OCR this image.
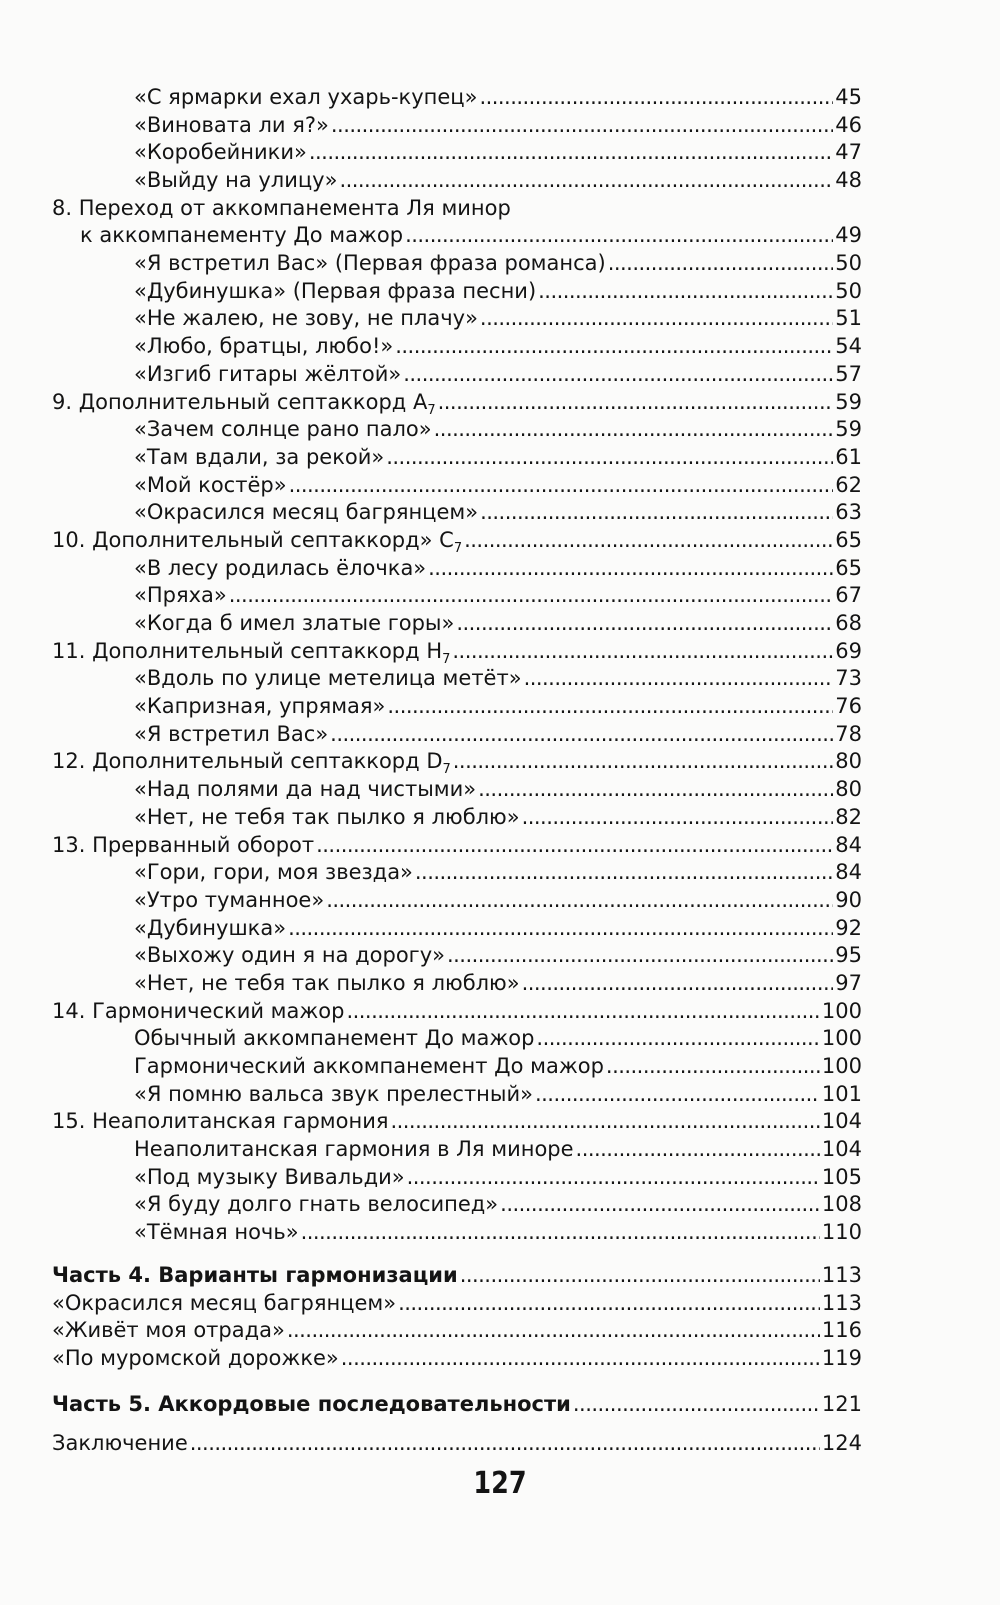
«С ярмарки ехал ухарь-купец» . . .	45
«Виновата ли я?» . . .	46
«Коробейники» . . .	47
«Выйду на улицу» . . .	48
8. Переход от аккомпанемента Ля минор
к аккомпанементу До мажор . . .	49
«Я встретил Вас» (Первая фраза романса) . . .	50
«Дубинушка» (Первая фраза песни) . . .	50
«Не жалею, не зову, не плачу» . . .	51
«Любо, братцы, любо!» . . .	54
«Изгиб гитары жёлтой» . . .	57
9. Дополнительный септаккорд $A_7$ . . .	59
«Зачем солнце рано пало» . . .	59
«Там вдали, за рекой» . . .	61
«Мой костёр» . . .	62
«Окрасился месяц багрянцем» . . .	63
10. Дополнительный септаккорд» $C_7$ . . .	65
«В лесу родилась ёлочка» . . .	65
«Пряха» . . .	67
«Когда б имел златые горы» . . .	68
11. Дополнительный септаккорд $H_7$ . . .	69
«Вдоль по улице метелица метёт» . . .	73
«Капризная, упрямая» . . .	76
«Я встретил Вас» . . .	78
12. Дополнительный септаккорд $D_7$ . . .	80
«Над полями да над чистыми» . . .	80
«Нет, не тебя так пылко я люблю» . . .	82
13. Прерванный оборот . . .	84
«Гори, гори, моя звезда» . . .	84
«Утро туманное» . . .	90
«Дубинушка» . . .	92
«Выхожу один я на дорогу» . . .	95
«Нет, не тебя так пылко я люблю» . . .	97
14. Гармонический мажор . . .	100
Обычный аккомпанемент До мажор . . .	100
Гармонический аккомпанемент До мажор . . .	100
«Я помню вальса звук прелестный» . . .	101
15. Неаполитанская гармония . . .	104
Неаполитанская гармония в Ля миноре . . .	104
«Под музыку Вивальди» . . .	105
«Я буду долго гнать велосипед» . . .	108
«Тёмная ночь» . . .	110
Часть 4. Варианты гармонизации . . .	113
«Окрасился месяц багрянцем» . . .	113
«Живёт моя отрада» . . .	116
«По муромской дорожке» . . .	119
Часть 5. Аккордовые последовательности . . .	121
Заключение . . .	124
127
